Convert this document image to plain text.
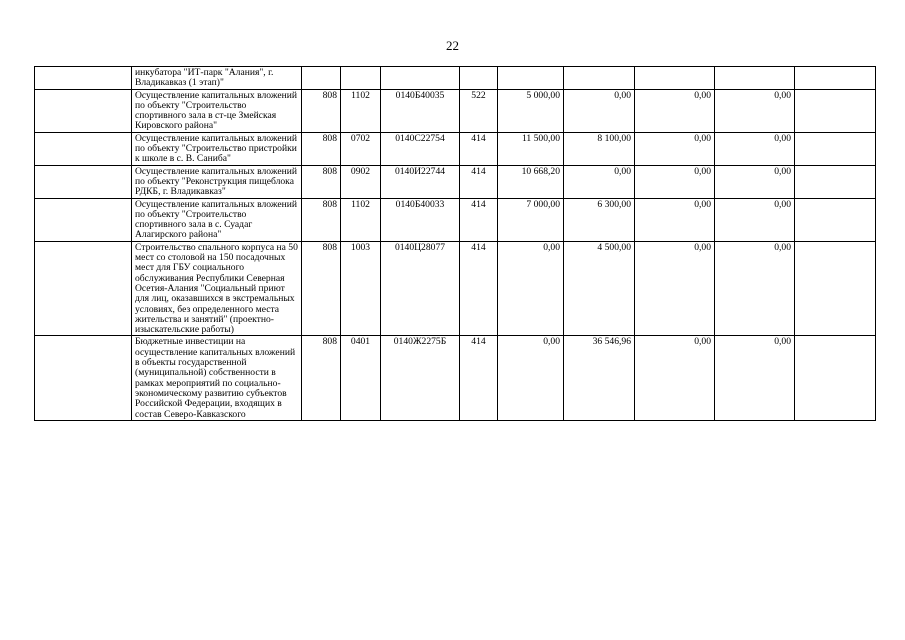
22
	инкубатора "ИТ-парк "Алания", г. Владикавказ (1 этап)"									
	Осуществление капитальных вложений по объекту "Строительство спортивного зала в ст-це Змейская Кировского района"	808	1102	0140Б40035	522	5 000,00	0,00	0,00	0,00	
	Осуществление капитальных вложений по объекту "Строительство пристройки к школе в с. В. Саниба"	808	0702	0140С22754	414	11 500,00	8 100,00	0,00	0,00	
	Осуществление капитальных вложений по объекту "Реконструкция пищеблока РДКБ, г. Владикавказ"	808	0902	0140И22744	414	10 668,20	0,00	0,00	0,00	
	Осуществление капитальных вложений по объекту "Строительство спортивного зала в с. Суадаг Алагирского района"	808	1102	0140Б40033	414	7 000,00	6 300,00	0,00	0,00	
	Строительство спального корпуса на 50 мест со столовой на 150 посадочных мест для ГБУ социального обслуживания Республики Северная Осетия-Алания "Социальный приют для лиц, оказавшихся в экстремальных условиях, без определенного места жительства и занятий" (проектно-изыскательские работы)	808	1003	0140Ц28077	414	0,00	4 500,00	0,00	0,00	
	Бюджетные инвестиции на осуществление капитальных вложений в объекты государственной (муниципальной) собственности в рамках мероприятий по социально-экономическому развитию субъектов Российской Федерации, входящих в состав Северо-Кавказского	808	0401	0140Ж2275Б	414	0,00	36 546,96	0,00	0,00	
